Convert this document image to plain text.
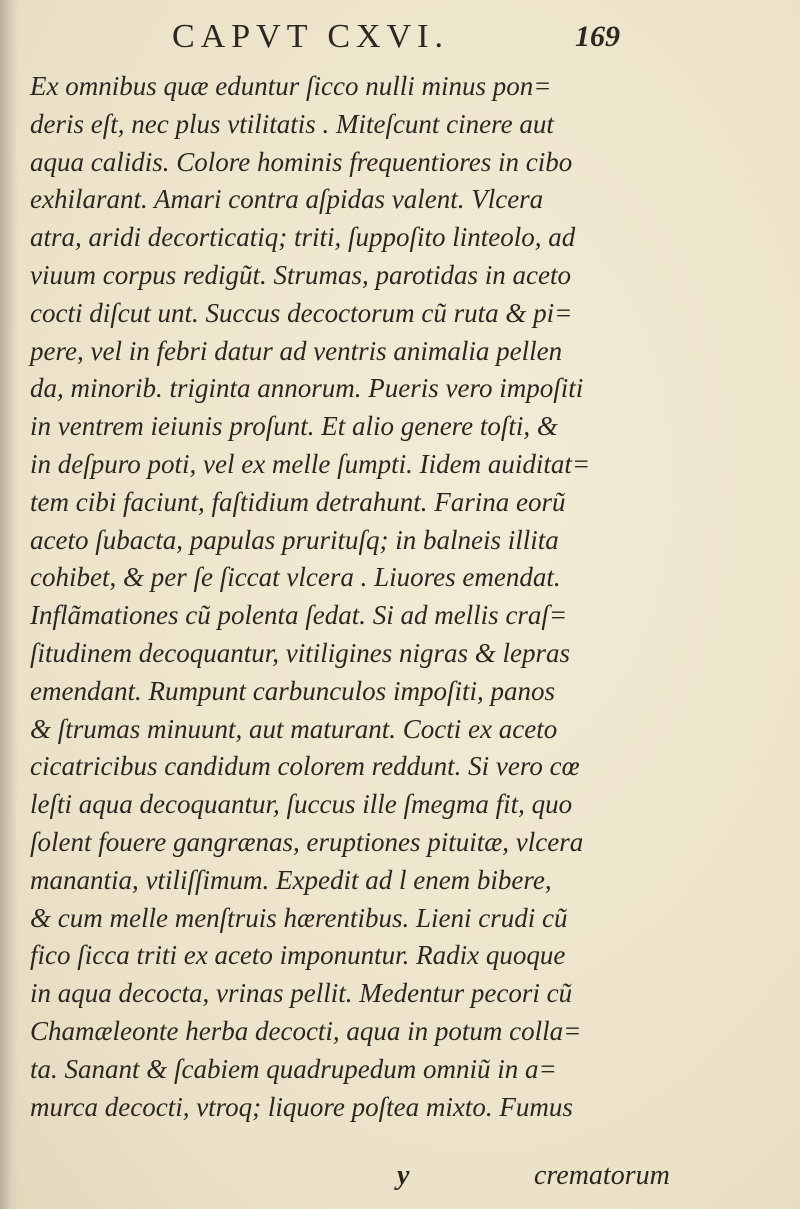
CAPVT CXVI.	169
Ex omnibus quæ eduntur ſicco nulli minus pon=
deris eſt, nec plus vtilitatis . Miteſcunt cinere aut
aqua calidis. Colore hominis frequentiores in cibo
exhilarant. Amari contra aſpidas valent. Vlcera
atra, aridi decorticatiq; triti, ſuppoſito linteolo, ad
viuum corpus redigũt. Strumas, parotidas in aceto
cocti diſcut unt. Succus decoctorum cũ ruta & pi=
pere, vel in febri datur ad ventris animalia pellen
da, minorib. triginta annorum. Pueris vero impoſiti
in ventrem ieiunis proſunt. Et alio genere toſti, &
in deſpuro poti, vel ex melle ſumpti. Iidem auiditat=
tem cibi faciunt, faſtidium detrahunt. Farina eorũ
aceto ſubacta, papulas prurituſq; in balneis illita
cohibet, & per ſe ſiccat vlcera . Liuores emendat.
Inflãmationes cũ polenta ſedat. Si ad mellis craſ=
ſitudinem decoquantur, vitiligines nigras & lepras
emendant. Rumpunt carbunculos impoſiti, panos
& ſtrumas minuunt, aut maturant. Cocti ex aceto
cicatricibus candidum colorem reddunt. Si vero cœ
leſti aqua decoquantur, ſuccus ille ſmegma fit, quo
ſolent fouere gangrænas, eruptiones pituitæ, vlcera
manantia, vtiliſſimum. Expedit ad l enem bibere,
& cum melle menſtruis hærentibus. Lieni crudi cũ
fico ſicca triti ex aceto imponuntur. Radix quoque
in aqua decocta, vrinas pellit. Medentur pecori cũ
Chamæleonte herba decocti, aqua in potum colla=
ta. Sanant & ſcabiem quadrupedum omniũ in a=
murca decocti, vtroq; liquore poſtea mixto. Fumus
y	crematorum
